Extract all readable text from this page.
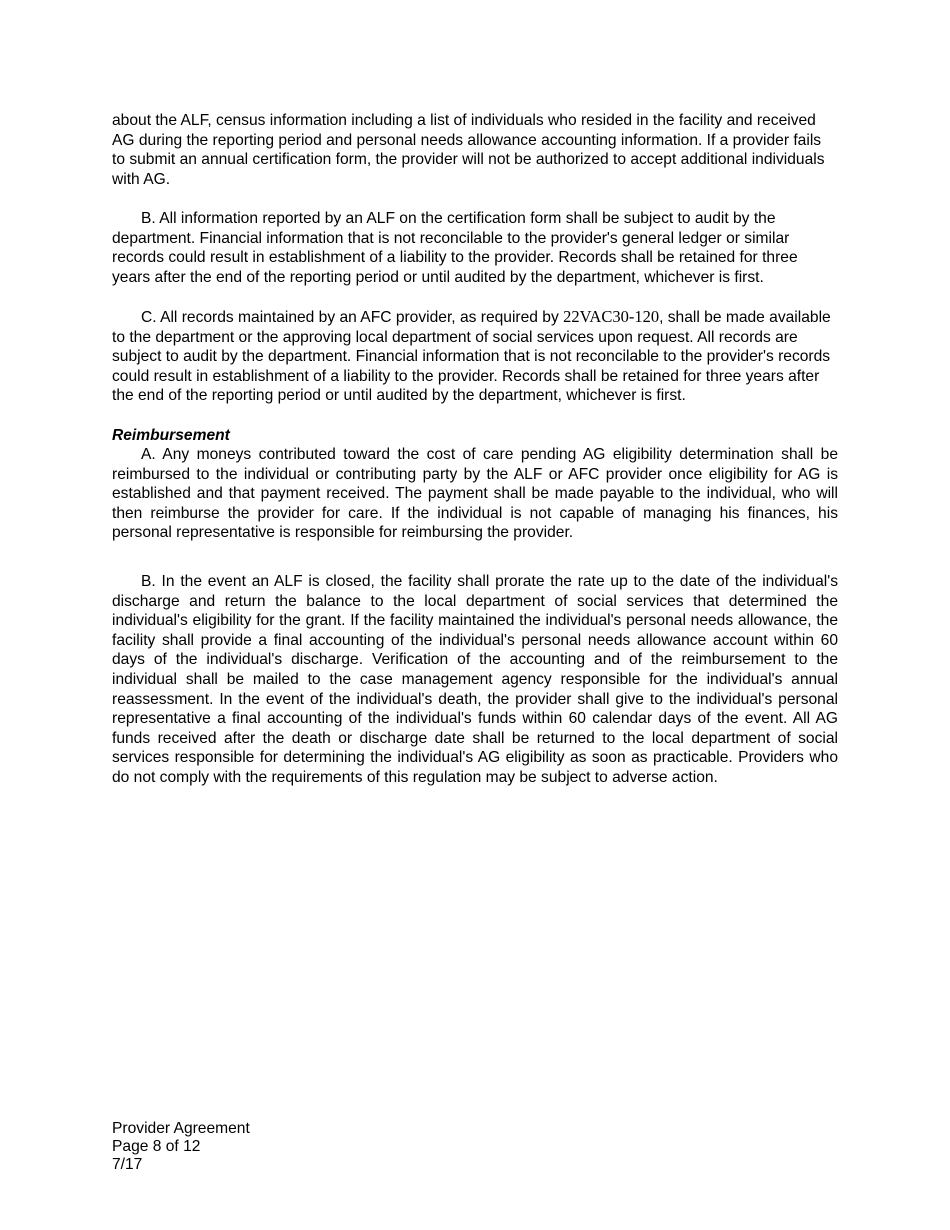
about the ALF, census information including a list of individuals who resided in the facility and received AG during the reporting period and personal needs allowance accounting information. If a provider fails to submit an annual certification form, the provider will not be authorized to accept additional individuals with AG.

B. All information reported by an ALF on the certification form shall be subject to audit by the department. Financial information that is not reconcilable to the provider's general ledger or similar records could result in establishment of a liability to the provider. Records shall be retained for three years after the end of the reporting period or until audited by the department, whichever is first.

C. All records maintained by an AFC provider, as required by 22VAC30-120, shall be made available to the department or the approving local department of social services upon request. All records are subject to audit by the department. Financial information that is not reconcilable to the provider's records could result in establishment of a liability to the provider. Records shall be retained for three years after the end of the reporting period or until audited by the department, whichever is first.

Reimbursement

A. Any moneys contributed toward the cost of care pending AG eligibility determination shall be reimbursed to the individual or contributing party by the ALF or AFC provider once eligibility for AG is established and that payment received. The payment shall be made payable to the individual, who will then reimburse the provider for care. If the individual is not capable of managing his finances, his personal representative is responsible for reimbursing the provider.

B. In the event an ALF is closed, the facility shall prorate the rate up to the date of the individual's discharge and return the balance to the local department of social services that determined the individual's eligibility for the grant. If the facility maintained the individual's personal needs allowance, the facility shall provide a final accounting of the individual's personal needs allowance account within 60 days of the individual's discharge. Verification of the accounting and of the reimbursement to the individual shall be mailed to the case management agency responsible for the individual's annual reassessment. In the event of the individual's death, the provider shall give to the individual's personal representative a final accounting of the individual's funds within 60 calendar days of the event. All AG funds received after the death or discharge date shall be returned to the local department of social services responsible for determining the individual's AG eligibility as soon as practicable. Providers who do not comply with the requirements of this regulation may be subject to adverse action.

Provider Agreement
Page 8 of 12
7/17
